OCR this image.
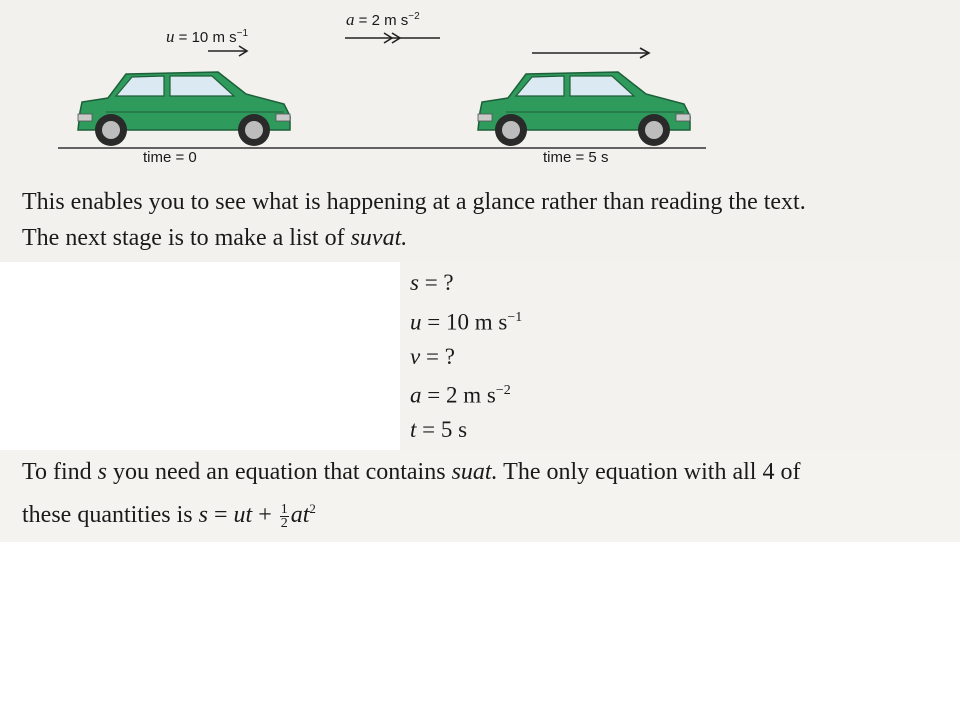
u = 10 m $s^{-1}$
a = 2 m $s^{-2}$
time = 0	time = 5 s
This enables you to see what is happening at a glance rather than reading the text.
The next stage is to make a list of suvat.
s = ?
u = 10 m $s^{-1}$
v = ?
a = 2 m $s^{-2}$
t = 5 s
To find s you need an equation that contains suat. The only equation with all 4 of
these quantities is s = ut + $\frac{1}{2} at^2$
